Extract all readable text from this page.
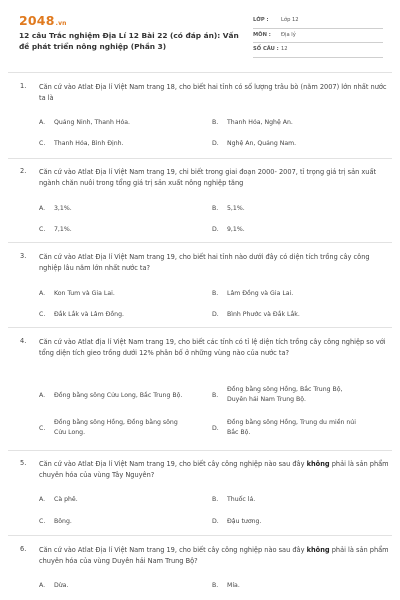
2048.vn
12 câu Trắc nghiệm Địa Lí 12 Bài 22 (có đáp án): Vấn đề phát triển nông nghiệp (Phần 3)
LỚP : Lớp 12
MÔN : Địa lý
SỐ CÂU : 12
1. Căn cứ vào Atlat Địa lí Việt Nam trang 18, cho biết hai tỉnh có số lượng trâu bò (năm 2007) lớn nhất nước ta là
A. Quảng Ninh, Thanh Hóa.	B. Thanh Hóa, Nghệ An.
C. Thanh Hóa, Bình Định.	D. Nghệ An, Quảng Nam.
2. Căn cứ vào Atlat Địa lí Việt Nam trang 19, chi biết trong giai đoạn 2000- 2007, tỉ trọng giá trị sản xuất ngành chăn nuôi trong tổng giá trị sản xuất nông nghiệp tăng
A. 3,1%.	B. 5,1%.
C. 7,1%.	D. 9,1%.
3. Căn cứ vào Atlat Địa lí Việt Nam trang 19, cho biết hai tỉnh nào dưới đây có diện tích trồng cây công nghiệp lâu năm lớn nhất nước ta?
A. Kon Tum và Gia Lai.	B. Lâm Đồng và Gia Lai.
C. Đắk Lắk và Lâm Đồng.	D. Bình Phước và Đắk Lắk.
4. Căn cứ vào Atlat địa lí Việt Nam trang 19, cho biết các tỉnh có tỉ lệ diện tích trồng cây công nghiệp so với tổng diện tích gieo trồng dưới 12% phân bố ở những vùng nào của nước ta?
A. Đồng bằng sông Cửu Long, Bắc Trung Bộ.	B.
Đồng bằng sông Hồng, Bắc Trung Bộ, Duyên hải Nam Trung Bộ.
C.
Đồng bằng sông Hồng, Đồng bằng sông Cửu Long.
D.
Đồng bằng sông Hồng, Trung du miền núi Bắc Bộ.
5. Căn cứ vào Atlat Địa lí Việt Nam trang 19, cho biết cây công nghiệp nào sau đây không phải là sản phẩm chuyên hóa của vùng Tây Nguyên?
A. Cà phê.	B. Thuốc lá.
C. Bông.	D. Đậu tương.
6. Căn cứ vào Atlat Địa lí Việt Nam trang 19, cho biết cây công nghiệp nào sau đây không phải là sản phẩm chuyên hóa của vùng Duyên hải Nam Trung Bộ?
A. Dừa.	B. Mía.
